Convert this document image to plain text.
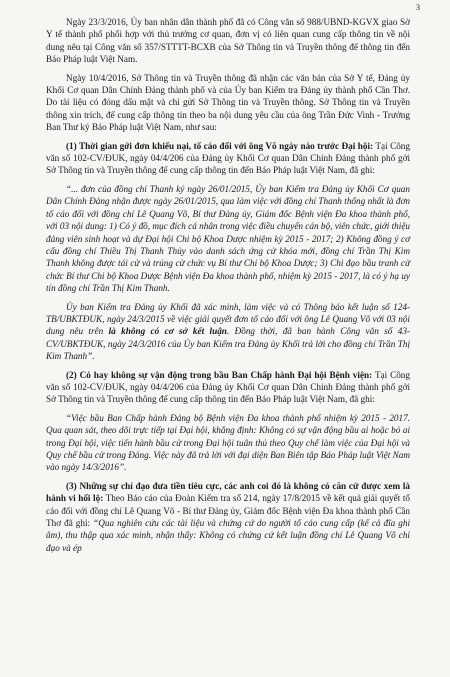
3

Ngày 23/3/2016, Ủy ban nhân dân thành phố đã có Công văn số 988/UBND-KGVX giao Sở Y tế thành phố phối hợp với thủ trưởng cơ quan, đơn vị có liên quan cung cấp thông tin về nội dung nêu tại Công văn số 357/STTTT-BCXB của Sở Thông tin và Truyền thông để thông tin đến Báo Pháp luật Việt Nam.

Ngày 10/4/2016, Sở Thông tin và Truyền thông đã nhận các văn bản của Sở Y tế, Đảng ủy Khối Cơ quan Dân Chính Đảng thành phố và của Ủy ban Kiểm tra Đảng ủy thành phố Cần Thơ. Do tài liệu có đóng dấu mật và chỉ gửi Sở Thông tin và Truyền thông. Sở Thông tin và Truyền thông xin trích, để cung cấp thông tin theo ba nội dung yêu cầu của ông Trần Đức Vinh - Trưởng Ban Thư ký Báo Pháp luật Việt Nam, như sau:

(1) Thời gian gởi đơn khiếu nại, tố cáo đối với ông Võ ngày nào trước Đại hội: Tại Công văn số 102-CV/ĐUK, ngày 04/4/206 của Đảng ủy Khối Cơ quan Dân Chính Đảng thành phố gởi Sở Thông tin và Truyền thông để cung cấp thông tin đến Báo Pháp luật Việt Nam, đã ghi:

“... đơn của đồng chí Thanh ký ngày 26/01/2015, Ủy ban Kiểm tra Đảng ủy Khối Cơ quan Dân Chính Đảng nhận được ngày 26/01/2015, qua làm việc với đồng chí Thanh thống nhất là đơn tố cáo đối với đồng chí Lê Quang Võ, Bí thư Đảng ủy, Giám đốc Bệnh viện Đa khoa thành phố, với 03 nội dung: 1) Có ý đồ, mục đích cá nhân trong việc điều chuyển cán bộ, viên chức, giới thiệu đảng viên sinh hoạt và dự Đại hội Chi bộ Khoa Dược nhiệm kỳ 2015 - 2017; 2) Không đồng ý cơ cấu đồng chí Thiều Thị Thanh Thủy vào danh sách ứng cử khóa mới, đồng chí Trần Thị Kim Thanh không được tái cử và trúng cử chức vụ Bí thư Chi bộ Khoa Dược; 3) Chi đạo bầu tranh cử chức Bí thư Chi bộ Khoa Dược Bệnh viện Đa khoa thành phố, nhiệm kỳ 2015 - 2017, là có ý hạ uy tín đồng chí Trần Thị Kim Thanh.

Ủy ban Kiểm tra Đảng ủy Khối đã xác minh, làm việc và có Thông báo kết luận số 124-TB/UBKTĐUK, ngày 24/3/2015 về việc giải quyết đơn tố cáo đối với ông Lê Quang Võ với 03 nội dung nêu trên là không có cơ sở kết luận. Đồng thời, đã ban hành Công văn số 43-CV/UBKTĐUK, ngày 24/3/2016 của Ủy ban Kiểm tra Đảng ủy Khối trả lời cho đồng chí Trần Thị Kim Thanh”.

(2) Có hay không sự vận động trong bầu Ban Chấp hành Đại hội Bệnh viện: Tại Công văn số 102-CV/ĐUK, ngày 04/4/206 của Đảng ủy Khối Cơ quan Dân Chính Đảng thành phố gởi Sở Thông tin và Truyền thông để cung cấp thông tin đến Báo Pháp luật Việt Nam, đã ghi:

“Việc bầu Ban Chấp hành Đảng bộ Bệnh viện Đa khoa thành phố nhiệm kỳ 2015 - 2017. Qua quan sát, theo dõi trực tiếp tại Đại hội, khẳng định: Không có sự vận động bầu ai hoặc bỏ ai trong Đại hội, việc tiến hành bầu cử trong Đại hội tuân thủ theo Quy chế làm việc của Đại hội và Quy chế bầu cử trong Đảng. Việc này đã trả lời với đại diện Ban Biên tập Báo Pháp luật Việt Nam vào ngày 14/3/2016”.

(3) Những sự chỉ đạo đưa tiền tiêu cực, các anh coi đó là không có căn cứ được xem là hành vi hối lộ: Theo Báo cáo của Đoàn Kiểm tra số 214, ngày 17/8/2015 về kết quả giải quyết tố cáo đối với đồng chí Lê Quang Võ - Bí thư Đảng ủy, Giám đốc Bệnh viện Đa khoa thành phố Cần Thơ đã ghi: “Qua nghiên cứu các tài liệu và chứng cứ do người tố cáo cung cấp (kể cả đĩa ghi âm), thu thập qua xác minh, nhận thấy: Không có chứng cứ kết luận đồng chí Lê Quang Võ chỉ đạo và ép
